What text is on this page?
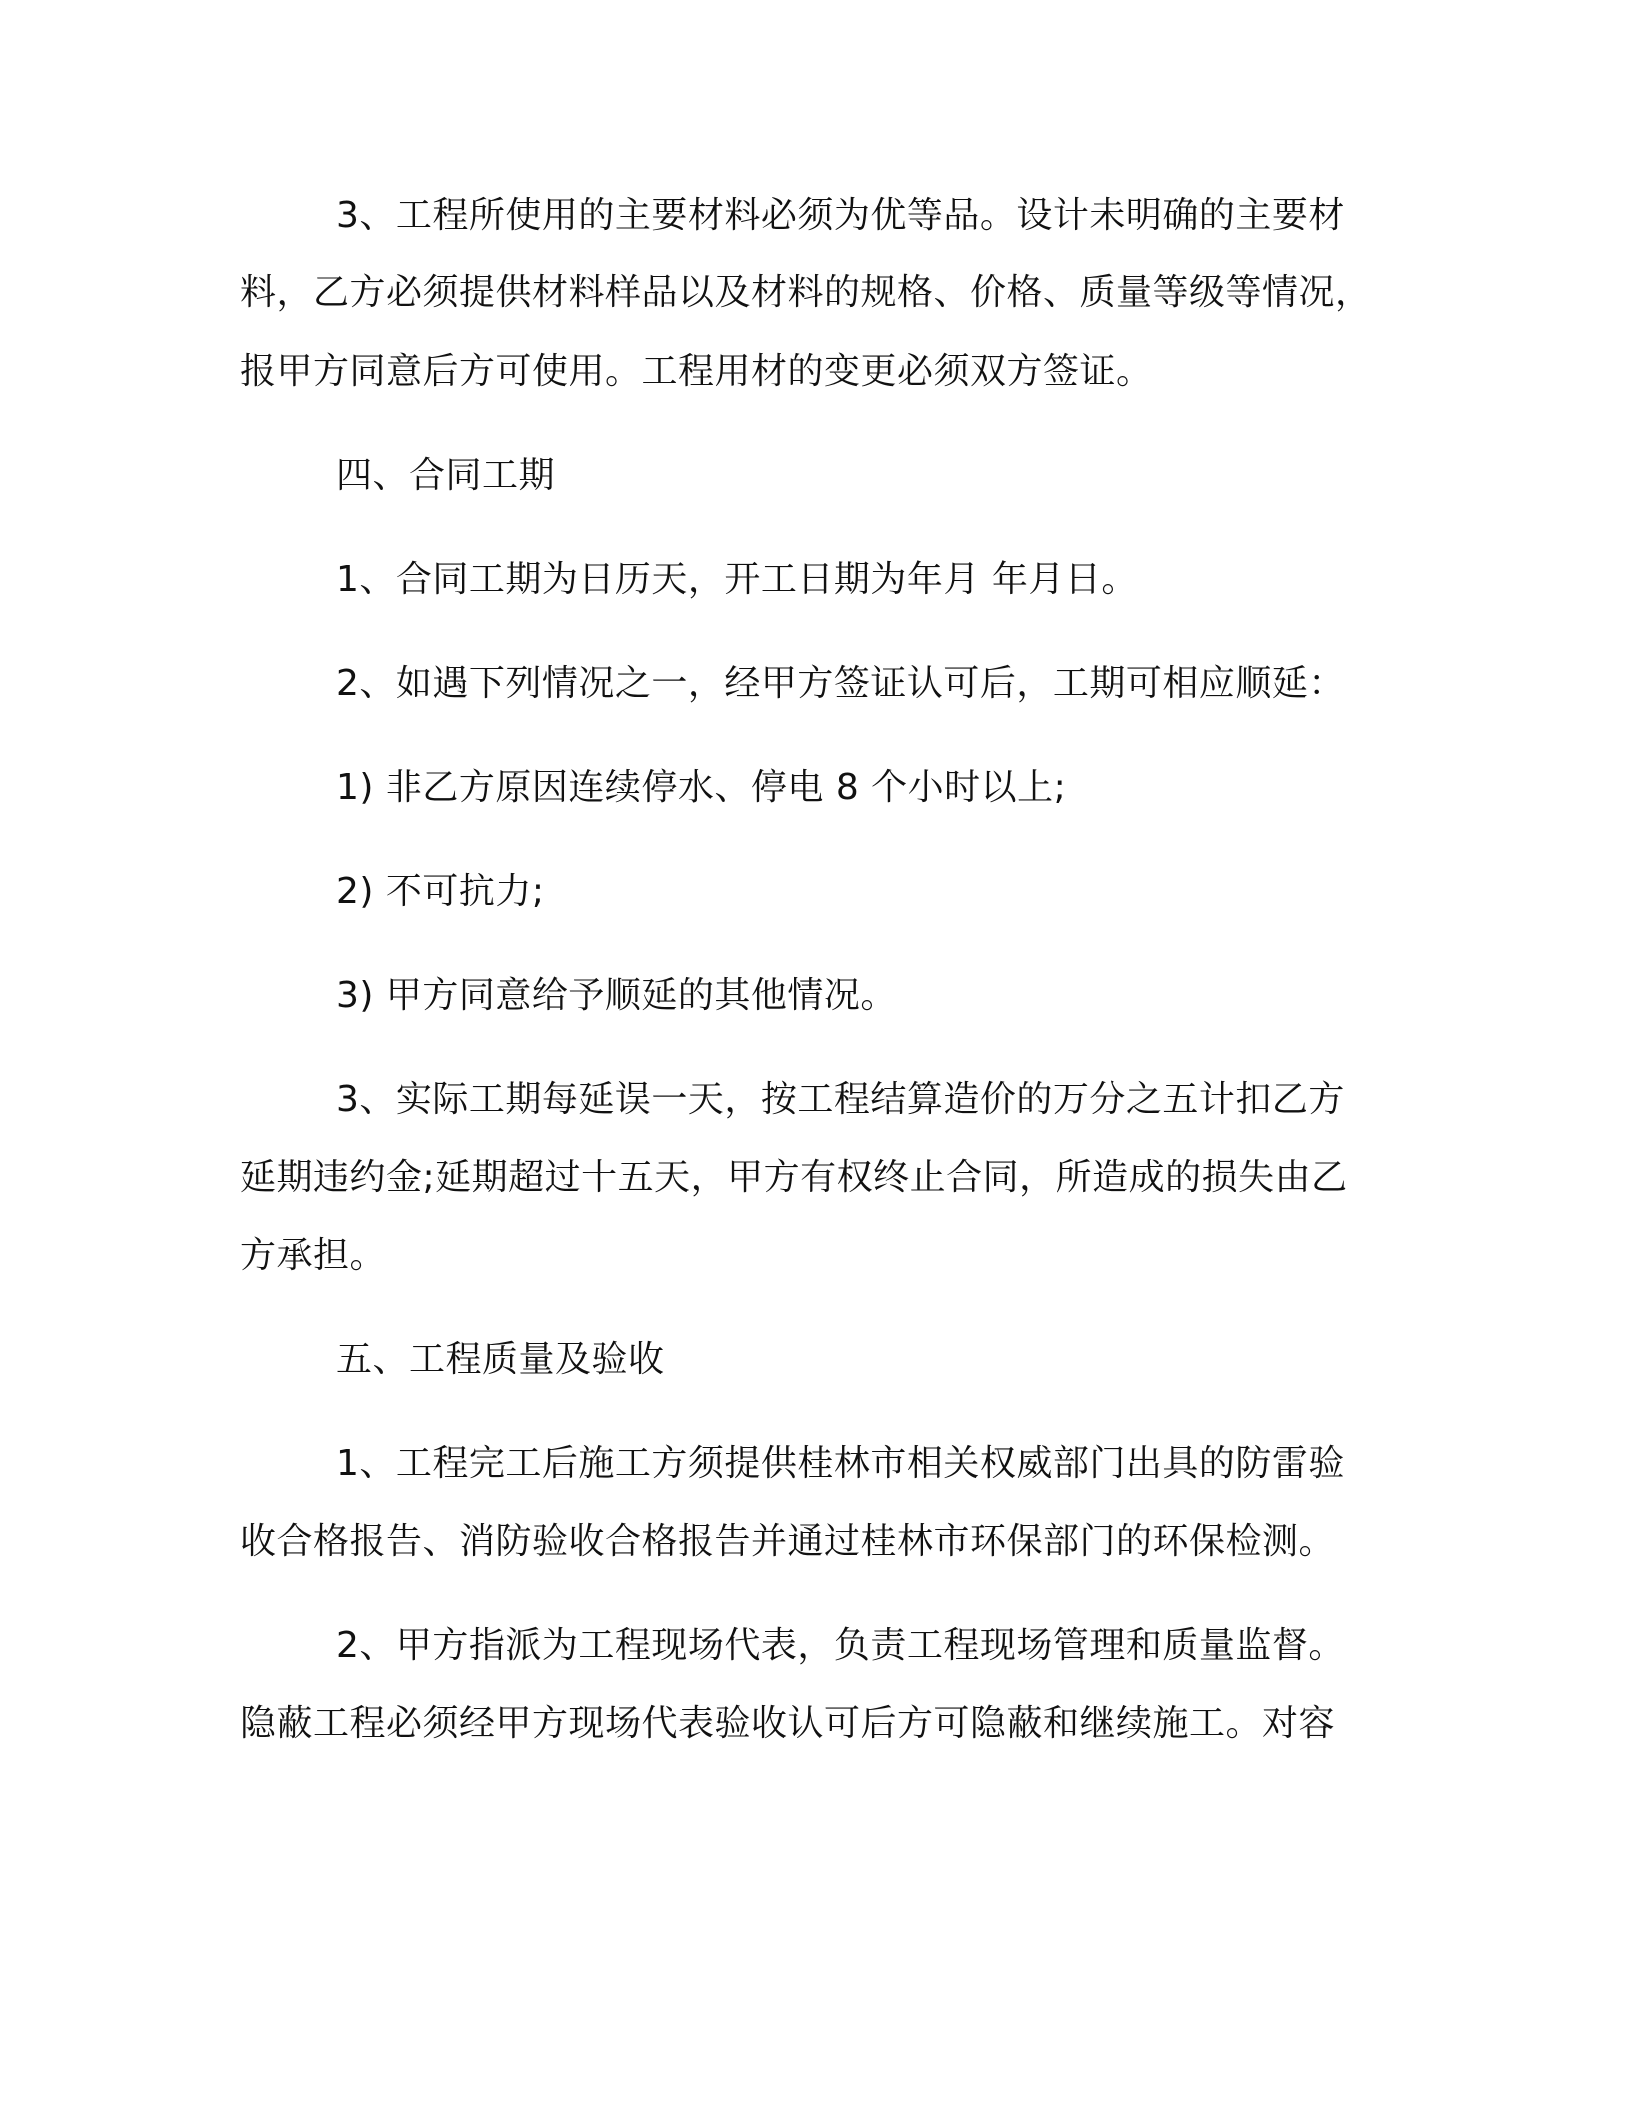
3、工程所使用的主要材料必须为优等品。设计未明确的主要材
料，乙方必须提供材料样品以及材料的规格、价格、质量等级等情况，
报甲方同意后方可使用。工程用材的变更必须双方签证。
四、合同工期
1、合同工期为日历天，开工日期为年月 年月日。
2、如遇下列情况之一，经甲方签证认可后，工期可相应顺延：
1) 非乙方原因连续停水、停电 8 个小时以上;
2) 不可抗力;
3) 甲方同意给予顺延的其他情况。
3、实际工期每延误一天，按工程结算造价的万分之五计扣乙方
延期违约金;延期超过十五天，甲方有权终止合同，所造成的损失由乙
方承担。
五、工程质量及验收
1、工程完工后施工方须提供桂林市相关权威部门出具的防雷验
收合格报告、消防验收合格报告并通过桂林市环保部门的环保检测。
2、甲方指派为工程现场代表，负责工程现场管理和质量监督。
隐蔽工程必须经甲方现场代表验收认可后方可隐蔽和继续施工。对容
